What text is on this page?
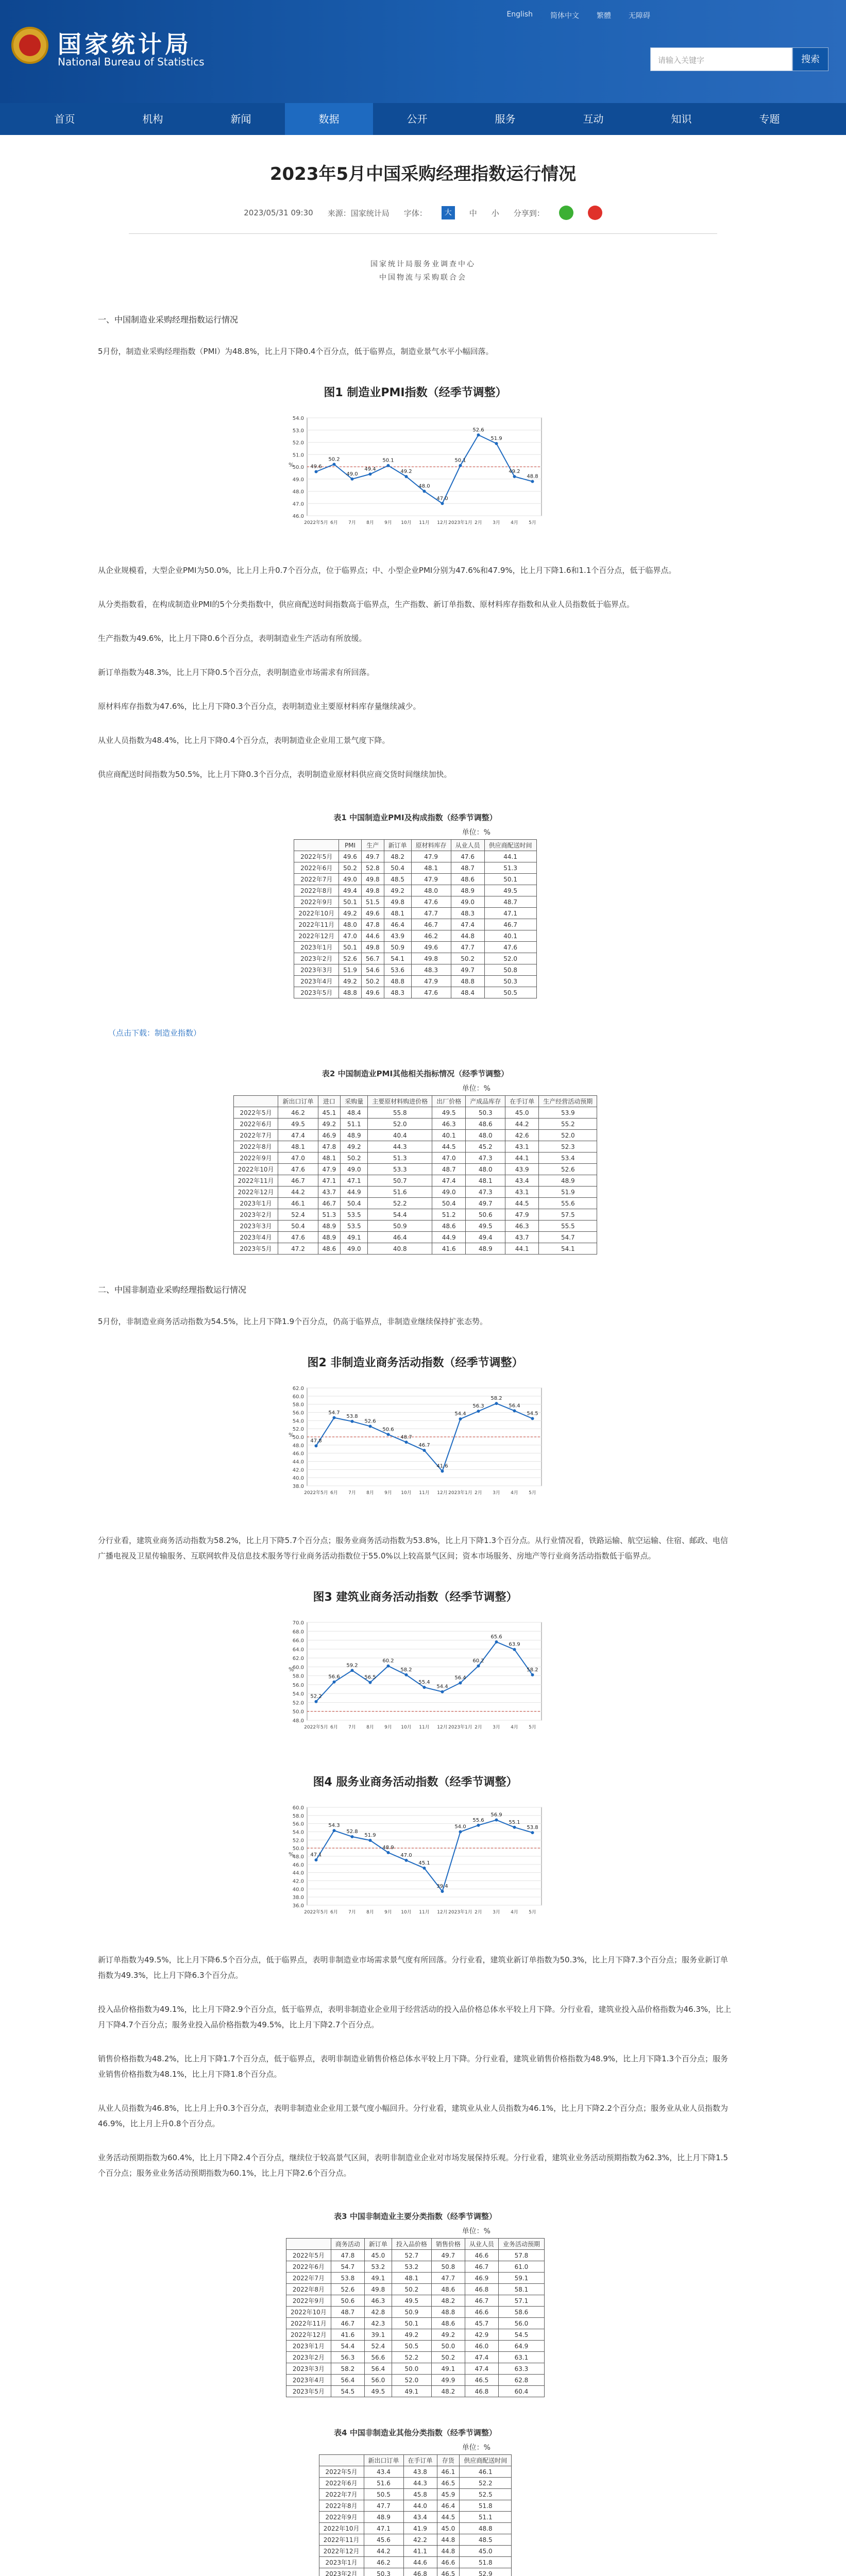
国家统计局
National Bureau of Statistics
English 简体中文 繁體 无障碍
请输入关键字	搜索
首页	机构	新闻	数据	公开	服务	互动	知识	专题
2023年5月中国采购经理指数运行情况
2023/05/31 09:30 来源：国家统计局 字体：	大	中 小 分享到：
国家统计局服务业调查中心
中国物流与采购联合会
一、中国制造业采购经理指数运行情况
5月份，制造业采购经理指数（PMI）为48.8%，比上月下降0.4个百分点，低于临界点，制造业景气水平小幅回落。
图1 制造业PMI指数（经季节调整）
46.0
47.0
48.0
49.0
50.0
51.0
52.0
53.0
54.0
49.6
2022年5月
50.2
6月
49.0
7月
49.4
8月
50.1
9月
49.2
10月
48.0
11月
47.0
12月
50.1
2023年1月
52.6
2月
51.9
3月
49.2
4月
48.8
5月
%
从企业规模看，大型企业PMI为50.0%，比上月上升0.7个百分点，位于临界点；中、小型企业PMI分别为47.6%和47.9%，比上月下降1.6和1.1个百分点，低于临界点。
从分类指数看，在构成制造业PMI的5个分类指数中，供应商配送时间指数高于临界点，生产指数、新订单指数、原材料库存指数和从业人员指数低于临界点。
生产指数为49.6%，比上月下降0.6个百分点，表明制造业生产活动有所放缓。
新订单指数为48.3%，比上月下降0.5个百分点，表明制造业市场需求有所回落。
原材料库存指数为47.6%，比上月下降0.3个百分点，表明制造业主要原材料库存量继续减少。
从业人员指数为48.4%，比上月下降0.4个百分点，表明制造业企业用工景气度下降。
供应商配送时间指数为50.5%，比上月下降0.3个百分点，表明制造业原材料供应商交货时间继续加快。
表1 中国制造业PMI及构成指数（经季节调整）
单位：%
	PMI	生产	新订单	原材料库存	从业人员	供应商配送时间
2022年5月	49.6	49.7	48.2	47.9	47.6	44.1
2022年6月	50.2	52.8	50.4	48.1	48.7	51.3
2022年7月	49.0	49.8	48.5	47.9	48.6	50.1
2022年8月	49.4	49.8	49.2	48.0	48.9	49.5
2022年9月	50.1	51.5	49.8	47.6	49.0	48.7
2022年10月	49.2	49.6	48.1	47.7	48.3	47.1
2022年11月	48.0	47.8	46.4	46.7	47.4	46.7
2022年12月	47.0	44.6	43.9	46.2	44.8	40.1
2023年1月	50.1	49.8	50.9	49.6	47.7	47.6
2023年2月	52.6	56.7	54.1	49.8	50.2	52.0
2023年3月	51.9	54.6	53.6	48.3	49.7	50.8
2023年4月	49.2	50.2	48.8	47.9	48.8	50.3
2023年5月	48.8	49.6	48.3	47.6	48.4	50.5
（点击下载：制造业指数）
表2 中国制造业PMI其他相关指标情况（经季节调整）
单位：%
	新出口订单	进口	采购量	主要原材料购进价格	出厂价格	产成品库存	在手订单	生产经营活动预期
2022年5月	46.2	45.1	48.4	55.8	49.5	50.3	45.0	53.9
2022年6月	49.5	49.2	51.1	52.0	46.3	48.6	44.2	55.2
2022年7月	47.4	46.9	48.9	40.4	40.1	48.0	42.6	52.0
2022年8月	48.1	47.8	49.2	44.3	44.5	45.2	43.1	52.3
2022年9月	47.0	48.1	50.2	51.3	47.0	47.3	44.1	53.4
2022年10月	47.6	47.9	49.0	53.3	48.7	48.0	43.9	52.6
2022年11月	46.7	47.1	47.1	50.7	47.4	48.1	43.4	48.9
2022年12月	44.2	43.7	44.9	51.6	49.0	47.3	43.1	51.9
2023年1月	46.1	46.7	50.4	52.2	50.4	49.7	44.5	55.6
2023年2月	52.4	51.3	53.5	54.4	51.2	50.6	47.9	57.5
2023年3月	50.4	48.9	53.5	50.9	48.6	49.5	46.3	55.5
2023年4月	47.6	48.9	49.1	46.4	44.9	49.4	43.7	54.7
2023年5月	47.2	48.6	49.0	40.8	41.6	48.9	44.1	54.1
二、中国非制造业采购经理指数运行情况
5月份，非制造业商务活动指数为54.5%，比上月下降1.9个百分点，仍高于临界点，非制造业继续保持扩张态势。
图2 非制造业商务活动指数（经季节调整）
38.0
40.0
42.0
44.0
46.0
48.0
50.0
52.0
54.0
56.0
58.0
60.0
62.0
47.8
2022年5月
54.7
6月
53.8
7月
52.6
8月
50.6
9月
48.7
10月
46.7
11月
41.6
12月
54.4
2023年1月
56.3
2月
58.2
3月
56.4
4月
54.5
5月
%
分行业看，建筑业商务活动指数为58.2%，比上月下降5.7个百分点；服务业商务活动指数为53.8%，比上月下降1.3个百分点。从行业情况看，铁路运输、航空运输、住宿、邮政、电信广播电视及卫星传输服务、互联网软件及信息技术服务等行业商务活动指数位于55.0%以上较高景气区间；资本市场服务、房地产等行业商务活动指数低于临界点。
图3 建筑业商务活动指数（经季节调整）
48.0
50.0
52.0
54.0
56.0
58.0
60.0
62.0
64.0
66.0
68.0
70.0
52.2
2022年5月
56.6
6月
59.2
7月
56.5
8月
60.2
9月
58.2
10月
55.4
11月
54.4
12月
56.4
2023年1月
60.2
2月
65.6
3月
63.9
4月
58.2
5月
%
图4 服务业商务活动指数（经季节调整）
36.0
38.0
40.0
42.0
44.0
46.0
48.0
50.0
52.0
54.0
56.0
58.0
60.0
47.1
2022年5月
54.3
6月
52.8
7月
51.9
8月
48.9
9月
47.0
10月
45.1
11月
39.4
12月
54.0
2023年1月
55.6
2月
56.9
3月
55.1
4月
53.8
5月
%
新订单指数为49.5%，比上月下降6.5个百分点，低于临界点，表明非制造业市场需求景气度有所回落。分行业看，建筑业新订单指数为50.3%，比上月下降7.3个百分点；服务业新订单指数为49.3%，比上月下降6.3个百分点。
投入品价格指数为49.1%，比上月下降2.9个百分点，低于临界点，表明非制造业企业用于经营活动的投入品价格总体水平较上月下降。分行业看，建筑业投入品价格指数为46.3%，比上月下降4.7个百分点；服务业投入品价格指数为49.5%，比上月下降2.7个百分点。
销售价格指数为48.2%，比上月下降1.7个百分点，低于临界点，表明非制造业销售价格总体水平较上月下降。分行业看，建筑业销售价格指数为48.9%，比上月下降1.3个百分点；服务业销售价格指数为48.1%，比上月下降1.8个百分点。
从业人员指数为46.8%，比上月上升0.3个百分点，表明非制造业企业用工景气度小幅回升。分行业看，建筑业从业人员指数为46.1%，比上月下降2.2个百分点；服务业从业人员指数为46.9%，比上月上升0.8个百分点。
业务活动预期指数为60.4%，比上月下降2.4个百分点，继续位于较高景气区间，表明非制造业企业对市场发展保持乐观。分行业看，建筑业业务活动预期指数为62.3%，比上月下降1.5个百分点；服务业业务活动预期指数为60.1%，比上月下降2.6个百分点。
表3 中国非制造业主要分类指数（经季节调整）
单位：%
	商务活动	新订单	投入品价格	销售价格	从业人员	业务活动预期
2022年5月	47.8	45.0	52.7	49.7	46.6	57.8
2022年6月	54.7	53.2	53.2	50.8	46.7	61.0
2022年7月	53.8	49.1	48.1	47.7	46.9	59.1
2022年8月	52.6	49.8	50.2	48.6	46.8	58.1
2022年9月	50.6	46.3	49.5	48.2	46.7	57.1
2022年10月	48.7	42.8	50.9	48.8	46.6	58.6
2022年11月	46.7	42.3	50.1	48.6	45.7	56.0
2022年12月	41.6	39.1	49.2	49.2	42.9	54.5
2023年1月	54.4	52.4	50.5	50.0	46.0	64.9
2023年2月	56.3	56.6	52.2	50.2	47.4	63.1
2023年3月	58.2	56.4	50.0	49.1	47.4	63.3
2023年4月	56.4	56.0	52.0	49.9	46.5	62.8
2023年5月	54.5	49.5	49.1	48.2	46.8	60.4
表4 中国非制造业其他分类指数（经季节调整）
单位：%
	新出口订单	在手订单	存货	供应商配送时间
2022年5月	43.4	43.8	46.1	46.1
2022年6月	51.6	44.3	46.5	52.2
2022年7月	50.5	45.8	45.9	52.5
2022年8月	47.7	44.0	46.4	51.8
2022年9月	48.9	43.4	44.5	51.1
2022年10月	47.1	41.9	45.0	48.8
2022年11月	45.6	42.2	44.8	48.5
2022年12月	44.2	41.1	44.8	45.0
2023年1月	46.2	44.6	46.6	51.8
2023年2月	50.3	46.8	46.5	52.9
